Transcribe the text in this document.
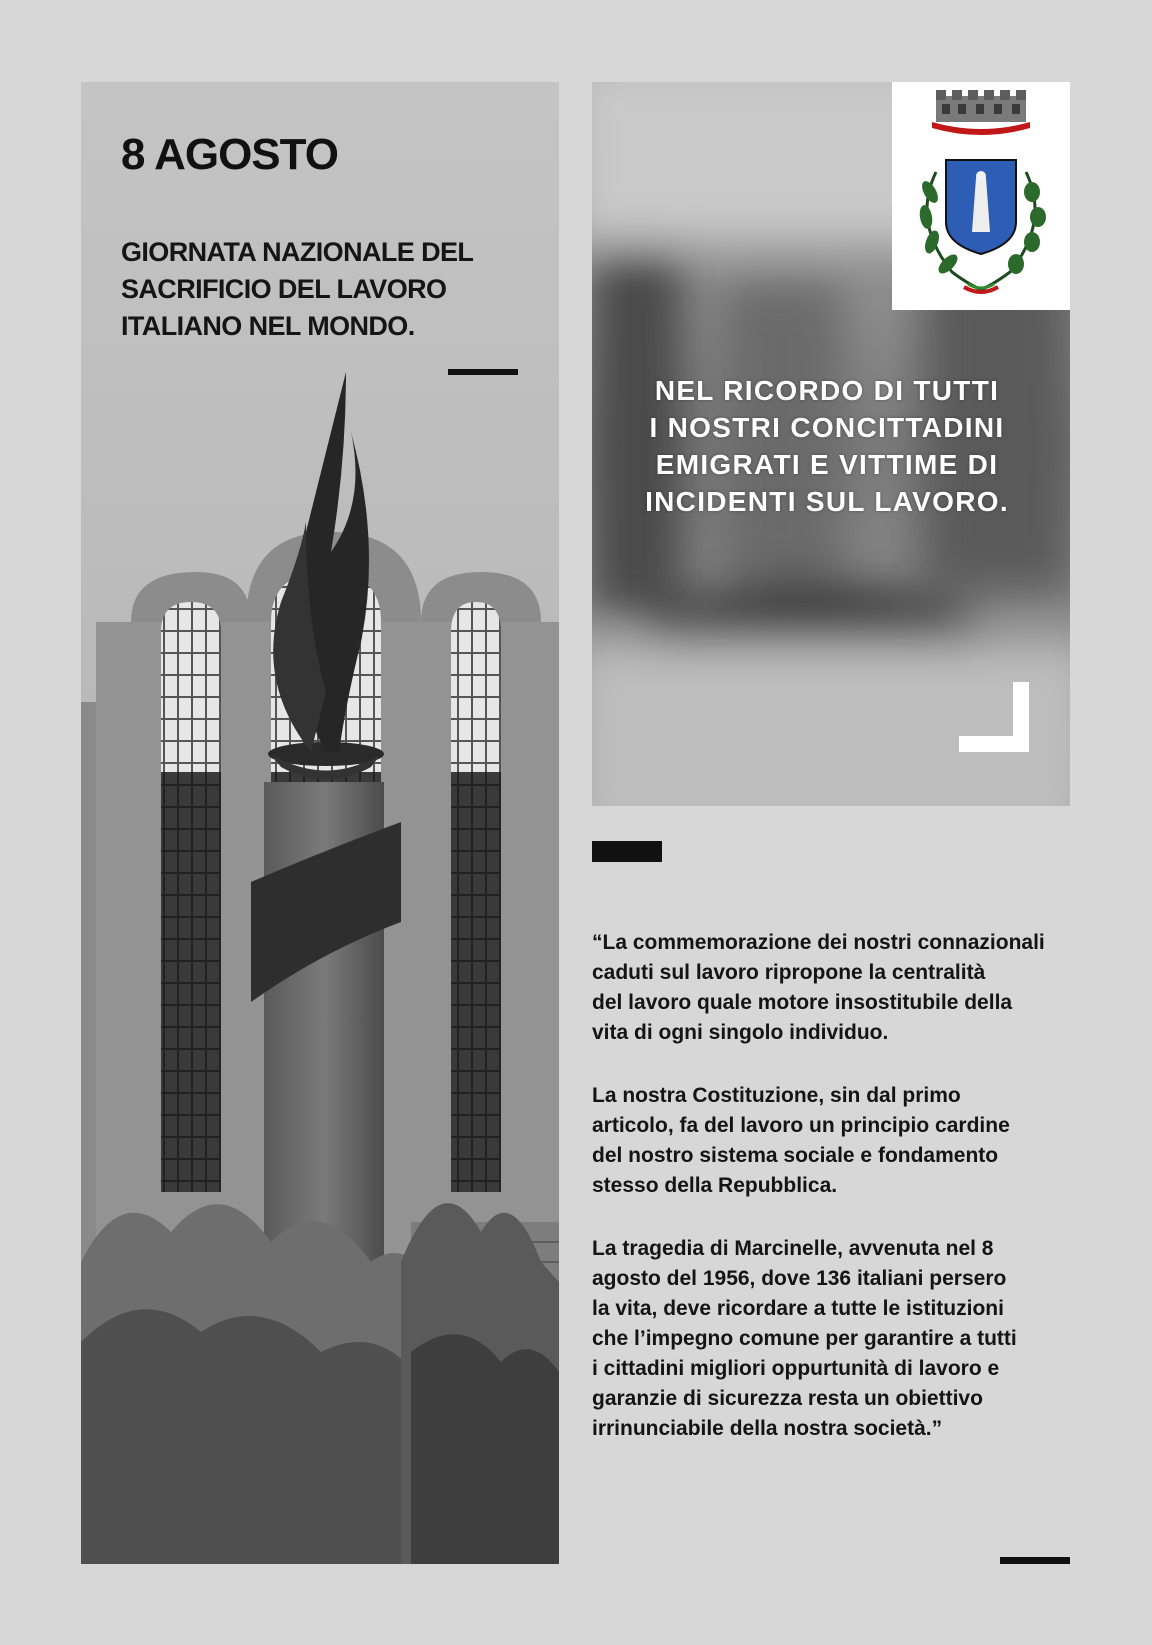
8 AGOSTO
GIORNATA NAZIONALE DEL
SACRIFICIO DEL LAVORO
ITALIANO NEL MONDO.
NEL RICORDO DI TUTTI
I NOSTRI CONCITTADINI
EMIGRATI E VITTIME DI
INCIDENTI SUL LAVORO.

“La commemorazione dei nostri connazionali
caduti sul lavoro ripropone la centralità
del lavoro quale motore insostitubile della
vita di ogni singolo individuo.

La nostra Costituzione, sin dal primo
articolo, fa del lavoro un principio cardine
del nostro sistema sociale e fondamento
stesso della Repubblica.

La tragedia di Marcinelle, avvenuta nel 8
agosto del 1956, dove 136 italiani persero
la vita, deve ricordare a tutte le istituzioni
che l’impegno comune per garantire a tutti
i cittadini migliori oppurtunità di lavoro e
garanzie di sicurezza resta un obiettivo
irrinunciabile della nostra società.”
